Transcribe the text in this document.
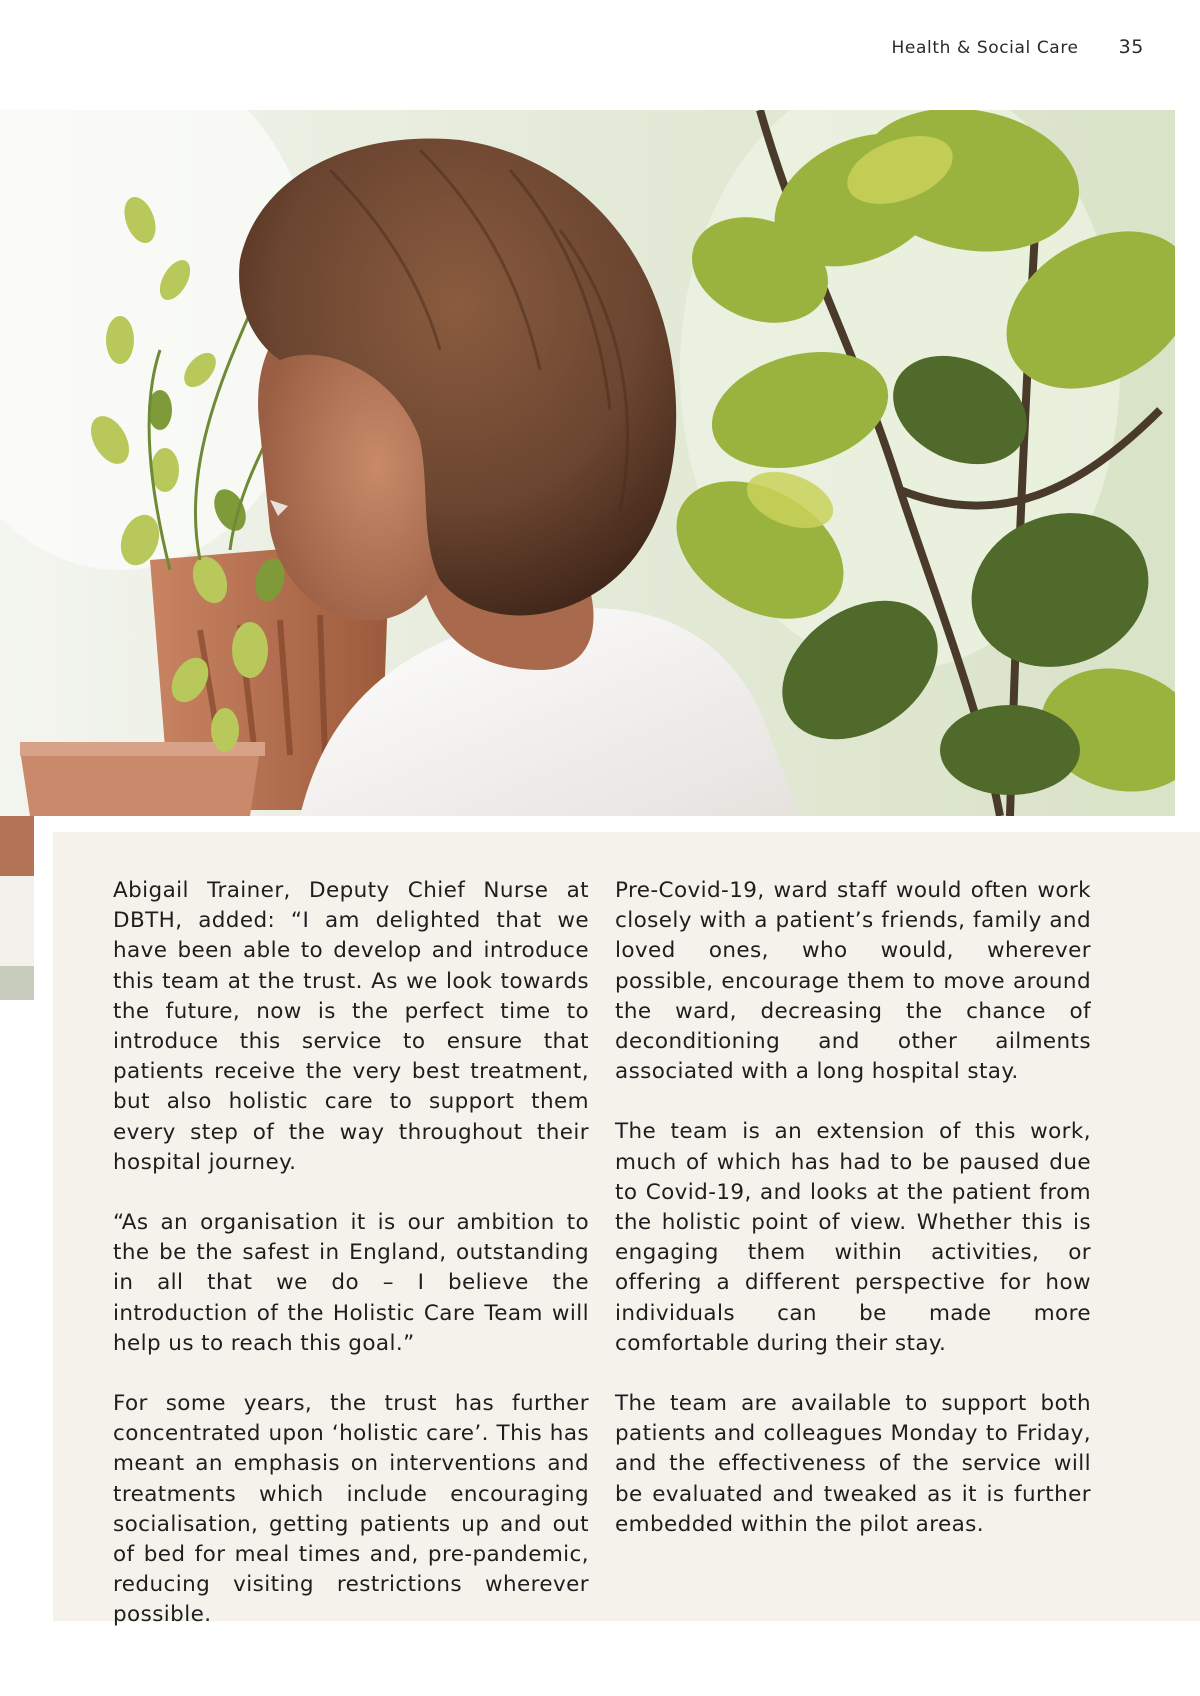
Health & Social Care 35

Abigail Trainer, Deputy Chief Nurse at DBTH, added: “I am delighted that we have been able to develop and introduce this team at the trust. As we look towards the future, now is the perfect time to introduce this service to ensure that patients receive the very best treatment, but also holistic care to support them every step of the way throughout their hospital journey.

“As an organisation it is our ambition to the be the safest in England, outstanding in all that we do – I believe the introduction of the Holistic Care Team will help us to reach this goal.”

For some years, the trust has further concentrated upon ‘holistic care’. This has meant an emphasis on interventions and treatments which include encouraging socialisation, getting patients up and out of bed for meal times and, pre-pandemic, reducing visiting restrictions wherever possible.

Pre-Covid-19, ward staff would often work closely with a patient’s friends, family and loved ones, who would, wherever possible, encourage them to move around the ward, decreasing the chance of deconditioning and other ailments associated with a long hospital stay.

The team is an extension of this work, much of which has had to be paused due to Covid-19, and looks at the patient from the holistic point of view. Whether this is engaging them within activities, or offering a different perspective for how individuals can be made more comfortable during their stay.

The team are available to support both patients and colleagues Monday to Friday, and the effectiveness of the service will be evaluated and tweaked as it is further embedded within the pilot areas.
